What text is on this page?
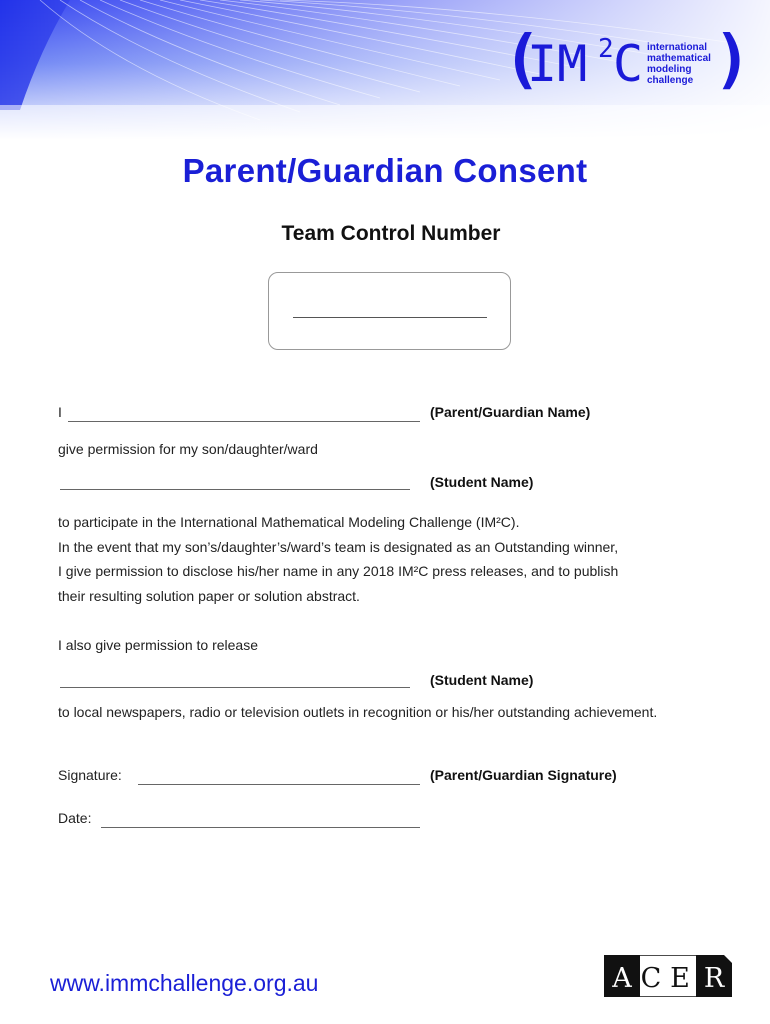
(
IM 2 C international
mathematical
modeling
challenge )
Parent/Guardian Consent
Team Control Number
I	(Parent/Guardian Name)
give permission for my son/daughter/ward
(Student Name)
to participate in the International Mathematical Modeling Challenge (IM²C).
In the event that my son’s/daughter’s/ward’s team is designated as an Outstanding winner,
I give permission to disclose his/her name in any 2018 IM²C press releases, and to publish
their resulting solution paper or solution abstract.
I also give permission to release
(Student Name)
to local newspapers, radio or television outlets in recognition or his/her outstanding achievement.
Signature:	(Parent/Guardian Signature)
Date:
www.immchallenge.org.au	A C E R
